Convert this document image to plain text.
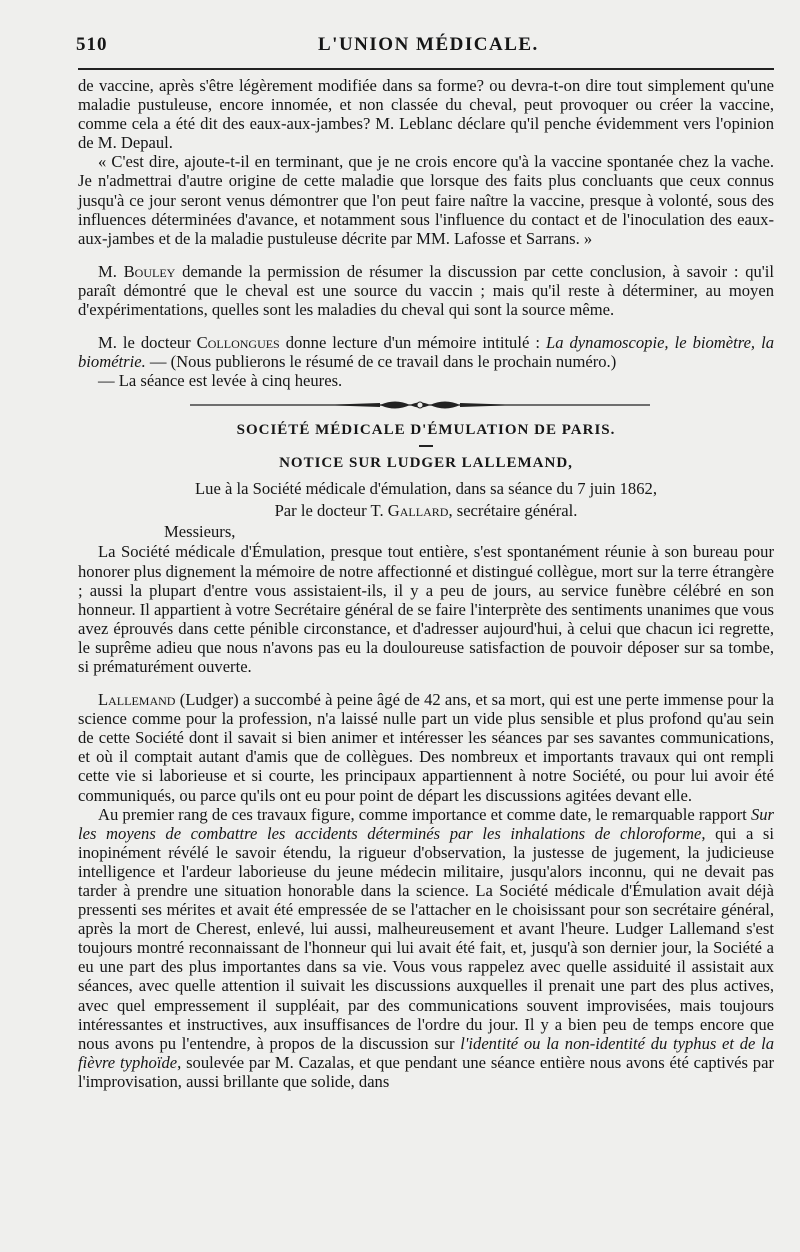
510	L'UNION MÉDICALE.

de vaccine, après s'être légèrement modifiée dans sa forme? ou devra-t-on dire tout simplement qu'une maladie pustuleuse, encore innomée, et non classée du cheval, peut provoquer ou créer la vaccine, comme cela a été dit des eaux-aux-jambes? M. Leblanc déclare qu'il penche évidemment vers l'opinion de M. Depaul.

« C'est dire, ajoute-t-il en terminant, que je ne crois encore qu'à la vaccine spontanée chez la vache. Je n'admettrai d'autre origine de cette maladie que lorsque des faits plus concluants que ceux connus jusqu'à ce jour seront venus démontrer que l'on peut faire naître la vaccine, presque à volonté, sous des influences déterminées d'avance, et notamment sous l'influence du contact et de l'inoculation des eaux-aux-jambes et de la maladie pustuleuse décrite par MM. Lafosse et Sarrans. »

M. Bouley demande la permission de résumer la discussion par cette conclusion, à savoir : qu'il paraît démontré que le cheval est une source du vaccin ; mais qu'il reste à déterminer, au moyen d'expérimentations, quelles sont les maladies du cheval qui sont la source même.

M. le docteur Collongues donne lecture d'un mémoire intitulé : La dynamoscopie, le biomètre, la biométrie. — (Nous publierons le résumé de ce travail dans le prochain numéro.)

— La séance est levée à cinq heures.

SOCIÉTÉ MÉDICALE D'ÉMULATION DE PARIS.
NOTICE SUR LUDGER LALLEMAND,
Lue à la Société médicale d'émulation, dans sa séance du 7 juin 1862,
Par le docteur T. Gallard, secrétaire général.
Messieurs,

La Société médicale d'Émulation, presque tout entière, s'est spontanément réunie à son bureau pour honorer plus dignement la mémoire de notre affectionné et distingué collègue, mort sur la terre étrangère ; aussi la plupart d'entre vous assistaient-ils, il y a peu de jours, au service funèbre célébré en son honneur. Il appartient à votre Secrétaire général de se faire l'interprète des sentiments unanimes que vous avez éprouvés dans cette pénible circonstance, et d'adresser aujourd'hui, à celui que chacun ici regrette, le suprême adieu que nous n'avons pas eu la douloureuse satisfaction de pouvoir déposer sur sa tombe, si prématurément ouverte.

Lallemand (Ludger) a succombé à peine âgé de 42 ans, et sa mort, qui est une perte immense pour la science comme pour la profession, n'a laissé nulle part un vide plus sensible et plus profond qu'au sein de cette Société dont il savait si bien animer et intéresser les séances par ses savantes communications, et où il comptait autant d'amis que de collègues. Des nombreux et importants travaux qui ont rempli cette vie si laborieuse et si courte, les principaux appartiennent à notre Société, ou pour lui avoir été communiqués, ou parce qu'ils ont eu pour point de départ les discussions agitées devant elle.

Au premier rang de ces travaux figure, comme importance et comme date, le remarquable rapport Sur les moyens de combattre les accidents déterminés par les inhalations de chloroforme, qui a si inopinément révélé le savoir étendu, la rigueur d'observation, la justesse de jugement, la judicieuse intelligence et l'ardeur laborieuse du jeune médecin militaire, jusqu'alors inconnu, qui ne devait pas tarder à prendre une situation honorable dans la science. La Société médicale d'Émulation avait déjà pressenti ses mérites et avait été empressée de se l'attacher en le choisissant pour son secrétaire général, après la mort de Cherest, enlevé, lui aussi, malheureusement et avant l'heure. Ludger Lallemand s'est toujours montré reconnaissant de l'honneur qui lui avait été fait, et, jusqu'à son dernier jour, la Société a eu une part des plus importantes dans sa vie. Vous vous rappelez avec quelle assiduité il assistait aux séances, avec quelle attention il suivait les discussions auxquelles il prenait une part des plus actives, avec quel empressement il suppléait, par des communications souvent improvisées, mais toujours intéressantes et instructives, aux insuffisances de l'ordre du jour. Il y a bien peu de temps encore que nous avons pu l'entendre, à propos de la discussion sur l'identité ou la non-identité du typhus et de la fièvre typhoïde, soulevée par M. Cazalas, et que pendant une séance entière nous avons été captivés par l'improvisation, aussi brillante que solide, dans
